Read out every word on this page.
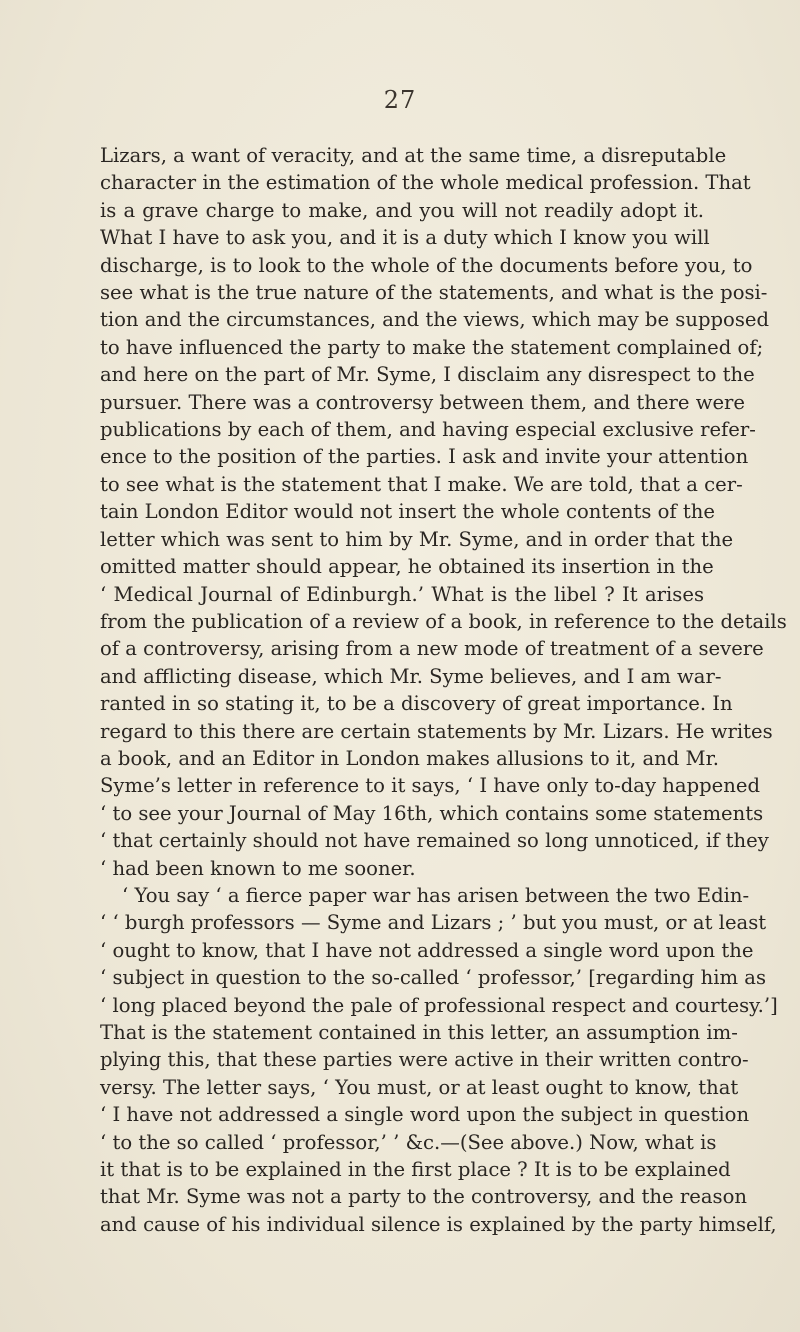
27
Lizars, a want of veracity, and at the same time, a disreputable
character in the estimation of the whole medical profession. That
is a grave charge to make, and you will not readily adopt it.
What I have to ask you, and it is a duty which I know you will
discharge, is to look to the whole of the documents before you, to
see what is the true nature of the statements, and what is the posi-
tion and the circumstances, and the views, which may be supposed
to have influenced the party to make the statement complained of;
and here on the part of Mr. Syme, I disclaim any disrespect to the
pursuer. There was a controversy between them, and there were
publications by each of them, and having especial exclusive refer-
ence to the position of the parties. I ask and invite your attention
to see what is the statement that I make. We are told, that a cer-
tain London Editor would not insert the whole contents of the
letter which was sent to him by Mr. Syme, and in order that the
omitted matter should appear, he obtained its insertion in the
‘ Medical Journal of Edinburgh.’ What is the libel ? It arises
from the publication of a review of a book, in reference to the details
of a controversy, arising from a new mode of treatment of a severe
and afflicting disease, which Mr. Syme believes, and I am war-
ranted in so stating it, to be a discovery of great importance. In
regard to this there are certain statements by Mr. Lizars. He writes
a book, and an Editor in London makes allusions to it, and Mr.
Syme’s letter in reference to it says, ‘ I have only to-day happened
‘ to see your Journal of May 16th, which contains some statements
‘ that certainly should not have remained so long unnoticed, if they
‘ had been known to me sooner.
‘ You say ‘ a fierce paper war has arisen between the two Edin-
‘ ‘ burgh professors — Syme and Lizars ; ’ but you must, or at least
‘ ought to know, that I have not addressed a single word upon the
‘ subject in question to the so-called ‘ professor,’ [regarding him as
‘ long placed beyond the pale of professional respect and courtesy.’]
That is the statement contained in this letter, an assumption im-
plying this, that these parties were active in their written contro-
versy. The letter says, ‘ You must, or at least ought to know, that
‘ I have not addressed a single word upon the subject in question
‘ to the so called ‘ professor,’ ’ &c.—(See above.) Now, what is
it that is to be explained in the first place ? It is to be explained
that Mr. Syme was not a party to the controversy, and the reason
and cause of his individual silence is explained by the party himself,
